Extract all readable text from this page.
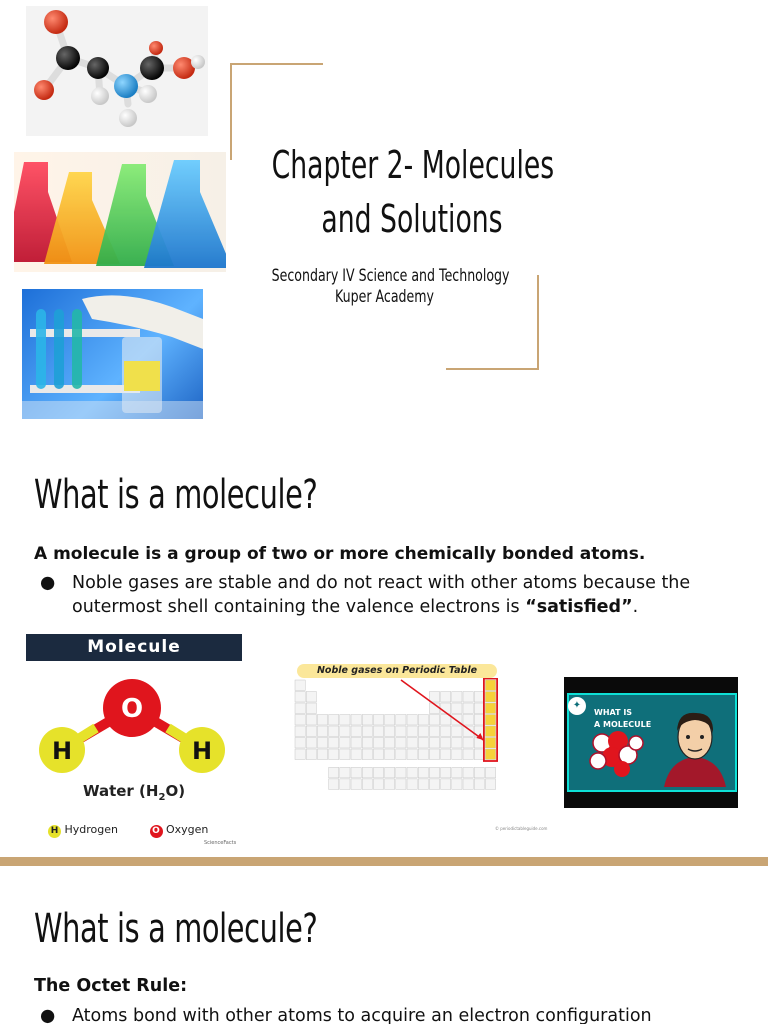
Chapter 2- Molecules
and Solutions
Secondary IV Science and Technology
Kuper Academy
What is a molecule?
A molecule is a group of two or more chemically bonded atoms.
● Noble gases are stable and do not react with other atoms because the
outermost shell containing the valence electrons is “satisfied”.
Molecule
O
H	H
Water $(H_2O)$
H Hydrogen	O Oxygen
ScienceFacts
Noble gases on Periodic Table
© periodictableguide.com
✦
WHAT IS
A MOLECULE
What is a molecule?
The Octet Rule:
● Atoms bond with other atoms to acquire an electron configuration
